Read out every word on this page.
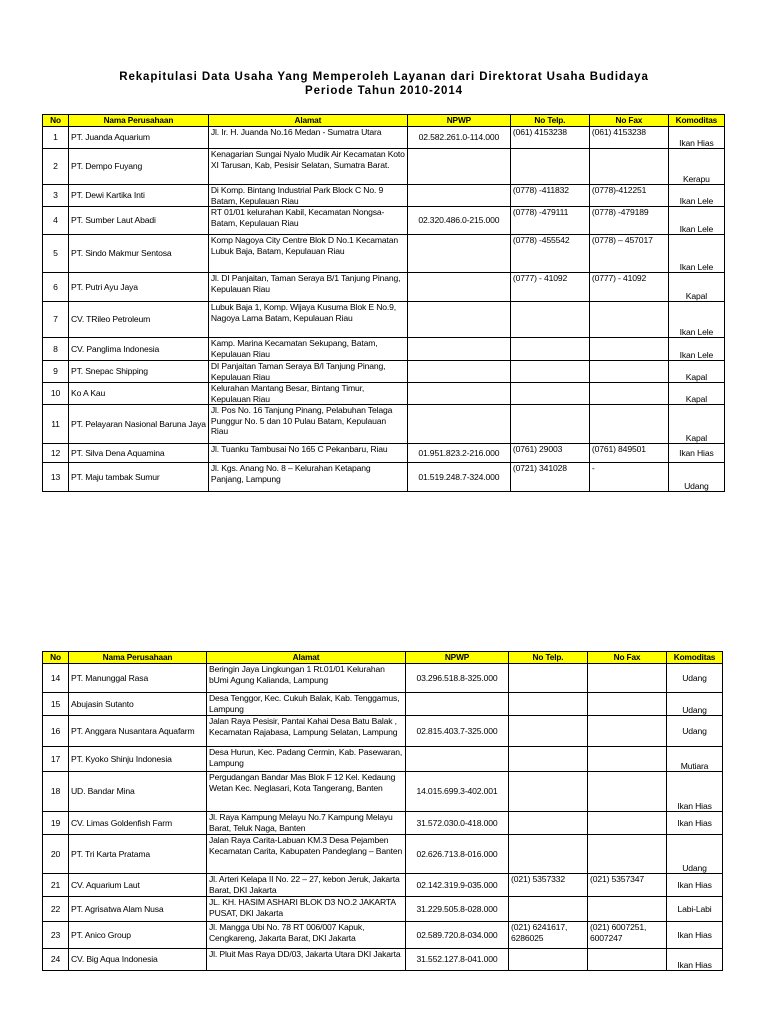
Rekapitulasi Data Usaha Yang Memperoleh Layanan dari Direktorat Usaha Budidaya
Periode Tahun 2010-2014
No	Nama Perusahaan	Alamat	NPWP	No Telp.	No Fax	Komoditas
1	PT. Juanda Aquarium	Jl. Ir. H. Juanda No.16 Medan - Sumatra Utara	02.582.261.0-114.000	(061) 4153238	(061) 4153238	Ikan Hias
2	PT. Dempo Fuyang	Kenagarian Sungai Nyalo Mudik Air Kecamatan Koto XI Tarusan, Kab, Pesisir Selatan, Sumatra Barat.				Kerapu
3	PT. Dewi Kartika Inti	Di Komp. Bintang Industrial Park Block C No. 9 Batam, Kepulauan Riau		(0778) -411832	(0778)-412251	Ikan Lele
4	PT. Sumber Laut Abadi	RT 01/01 kelurahan Kabil, Kecamatan Nongsa-Batam, Kepulauan Riau	02.320.486.0-215.000	(0778) -479111	(0778) -479189	Ikan Lele
5	PT. Sindo Makmur Sentosa	Komp Nagoya City Centre Blok D No.1 Kecamatan Lubuk Baja, Batam, Kepulauan Riau		(0778) -455542	(0778) – 457017	Ikan Lele
6	PT. Putri Ayu Jaya	Jl. DI Panjaitan, Taman Seraya B/1 Tanjung Pinang, Kepulauan Riau		(0777) - 41092	(0777) - 41092	Kapal
7	CV. TRileo Petroleum	Lubuk Baja 1, Komp. Wijaya Kusuma Blok E No.9, Nagoya Lama Batam, Kepulauan Riau				Ikan Lele
8	CV. Panglima Indonesia	Kamp. Marina Kecamatan Sekupang, Batam, Kepulauan Riau				Ikan Lele
9	PT. Snepac Shipping	DI Panjaitan Taman Seraya B/I Tanjung Pinang, Kepulauan Riau				Kapal
10	Ko A Kau	Kelurahan Mantang Besar, Bintang Timur, Kepulauan Riau				Kapal
11	PT. Pelayaran Nasional Baruna Jaya	Jl. Pos No. 16 Tanjung Pinang, Pelabuhan Telaga Punggur No. 5 dan 10 Pulau Batam, Kepulauan Riau				Kapal
12	PT. Silva Dena Aquamina	Jl. Tuanku Tambusai No 165 C Pekanbaru, Riau	01.951.823.2-216.000	(0761) 29003	(0761) 849501	Ikan Hias
13	PT. Maju tambak Sumur	Jl. Kgs. Anang No. 8 – Kelurahan Ketapang Panjang, Lampung	01.519.248.7-324.000	(0721) 341028	-	Udang
No	Nama Perusahaan	Alamat	NPWP	No Telp.	No Fax	Komoditas
14	PT. Manunggal Rasa	Beringin Jaya Lingkungan 1 Rt.01/01 Kelurahan bUmi Agung Kalianda, Lampung	03.296.518.8-325.000			Udang
15	Abujasin Sutanto	Desa Tenggor, Kec. Cukuh Balak, Kab. Tenggamus, Lampung				Udang
16	PT. Anggara Nusantara Aquafarm	Jalan Raya Pesisir, Pantai Kahai Desa Batu Balak , Kecamatan Rajabasa, Lampung Selatan, Lampung	02.815.403.7-325.000			Udang
17	PT. Kyoko Shinju Indonesia	Desa Hurun, Kec. Padang Cermin, Kab. Pasewaran, Lampung				Mutiara
18	UD. Bandar Mina	Pergudangan Bandar Mas Blok F 12 Kel. Kedaung Wetan Kec. Neglasari, Kota Tangerang, Banten	14.015.699.3-402.001			Ikan Hias
19	CV. Limas Goldenfish Farm	Jl. Raya Kampung Melayu No.7 Kampung Melayu Barat, Teluk Naga, Banten	31.572.030.0-418.000			Ikan Hias
20	PT. Tri Karta Pratama	Jalan Raya Carita-Labuan KM.3 Desa Pejamben Kecamatan Carita, Kabupaten Pandeglang – Banten	02.626.713.8-016.000			Udang
21	CV. Aquarium Laut	Jl. Arteri Kelapa II No. 22 – 27, kebon Jeruk, Jakarta Barat, DKI Jakarta	02.142.319.9-035.000	(021) 5357332	(021) 5357347	Ikan Hias
22	PT. Agrisatwa Alam Nusa	JL. KH. HASIM ASHARI BLOK D3 NO.2 JAKARTA PUSAT, DKI Jakarta	31.229.505.8-028.000			Labi-Labi
23	PT. Anico Group	Jl. Mangga Ubi No. 78 RT 006/007 Kapuk, Cengkareng, Jakarta Barat, DKI Jakarta	02.589.720.8-034.000	(021) 6241617, 6286025	(021) 6007251, 6007247	Ikan Hias
24	CV. Big Aqua Indonesia	Jl. Pluit Mas Raya DD/03, Jakarta Utara DKI Jakarta	31.552.127.8-041.000			Ikan Hias
